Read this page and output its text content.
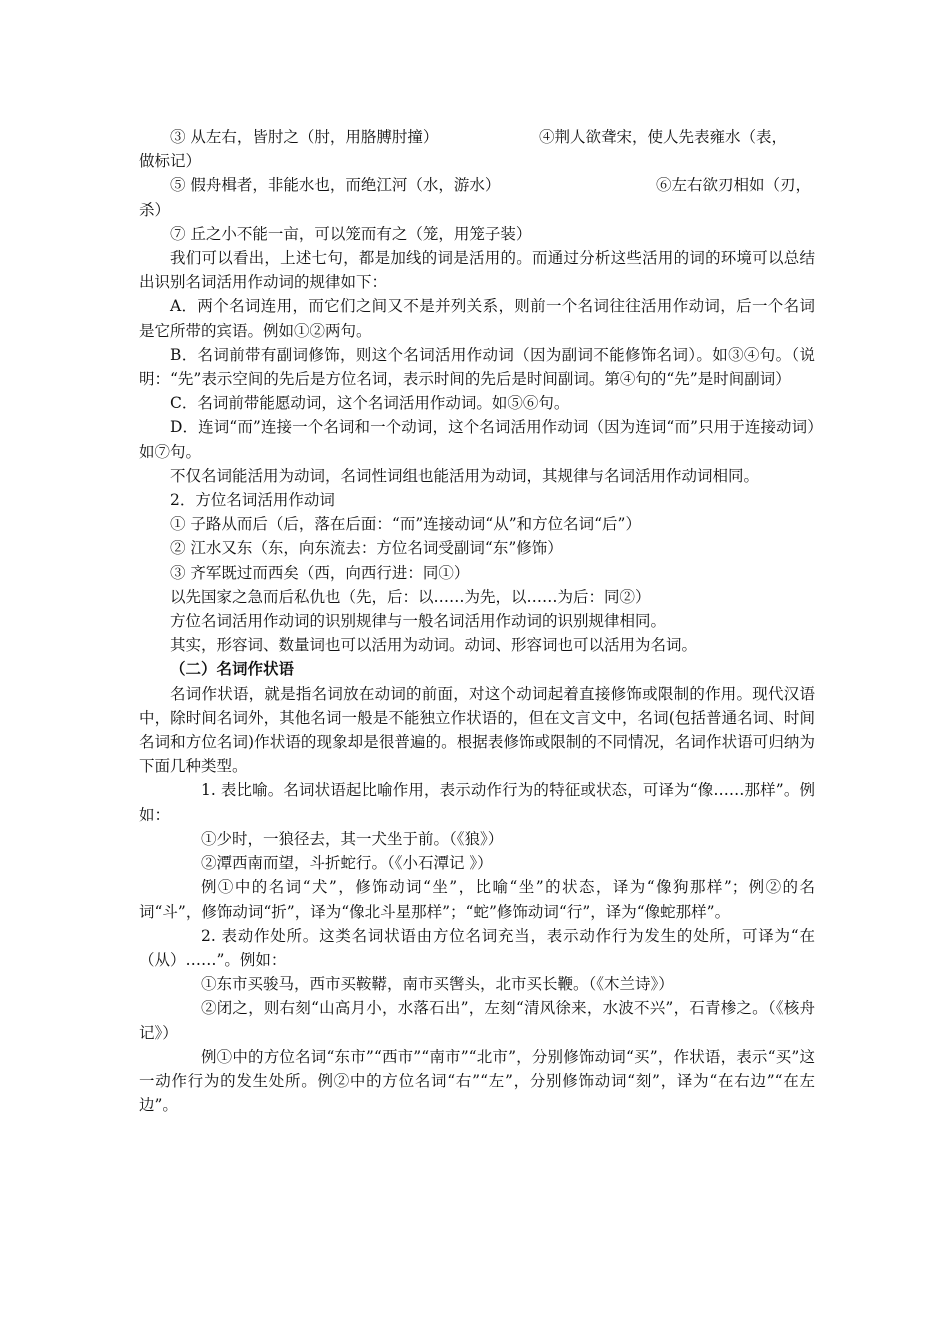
③ 从左右，皆肘之（肘，用胳膊肘撞）	④荆人欲聋宋，使人先表雍水（表，

做标记）

⑤ 假舟楫者，非能水也，而绝江河（水，游水）	⑥左右欲刃相如（刃，

杀）

⑦ 丘之小不能一亩，可以笼而有之（笼，用笼子装）

我们可以看出，上述七句，都是加线的词是活用的。而通过分析这些活用的词的环境可以总结出识别名词活用作动词的规律如下：

A．两个名词连用，而它们之间又不是并列关系，则前一个名词往往活用作动词，后一个名词是它所带的宾语。例如①②两句。

B．名词前带有副词修饰，则这个名词活用作动词（因为副词不能修饰名词）。如③④句。（说明：“先”表示空间的先后是方位名词，表示时间的先后是时间副词。第④句的“先”是时间副词）

C．名词前带能愿动词，这个名词活用作动词。如⑤⑥句。

D．连词“而”连接一个名词和一个动词，这个名词活用作动词（因为连词“而”只用于连接动词）如⑦句。

不仅名词能活用为动词，名词性词组也能活用为动词，其规律与名词活用作动词相同。

2．方位名词活用作动词

① 子路从而后（后，落在后面：“而”连接动词“从”和方位名词“后”）

② 江水又东（东，向东流去：方位名词受副词“东”修饰）

③ 齐军既过而西矣（西，向西行进：同①）

以先国家之急而后私仇也（先，后：以……为先，以……为后：同②）

方位名词活用作动词的识别规律与一般名词活用作动词的识别规律相同。

其实，形容词、数量词也可以活用为动词。动词、形容词也可以活用为名词。

（二）名词作状语

名词作状语，就是指名词放在动词的前面，对这个动词起着直接修饰或限制的作用。现代汉语中，除时间名词外，其他名词一般是不能独立作状语的，但在文言文中，名词(包括普通名词、时间名词和方位名词)作状语的现象却是很普遍的。根据表修饰或限制的不同情况，名词作状语可归纳为下面几种类型。

1. 表比喻。名词状语起比喻作用，表示动作行为的特征或状态，可译为“像……那样”。例如：

①少时，一狼径去，其一犬坐于前。（《狼》）

②潭西南而望，斗折蛇行。（《小石潭记 》）

例①中的名词“犬”，修饰动词“坐”，比喻“坐”的状态，译为“像狗那样”；例②的名词“斗”，修饰动词“折”，译为“像北斗星那样”；“蛇”修饰动词“行”，译为“像蛇那样”。

2. 表动作处所。这类名词状语由方位名词充当，表示动作行为发生的处所，可译为“在（从）……”。例如：

①东市买骏马，西市买鞍鞯，南市买辔头，北市买长鞭。（《木兰诗》）

②闭之，则右刻“山高月小，水落石出”，左刻“清风徐来，水波不兴”，石青椮之。（《核舟记》）

例①中的方位名词“东市”“西市”“南市”“北市”，分别修饰动词“买”，作状语，表示“买”这一动作行为的发生处所。例②中的方位名词“右”“左”，分别修饰动词“刻”，译为“在右边”“在左边”。
